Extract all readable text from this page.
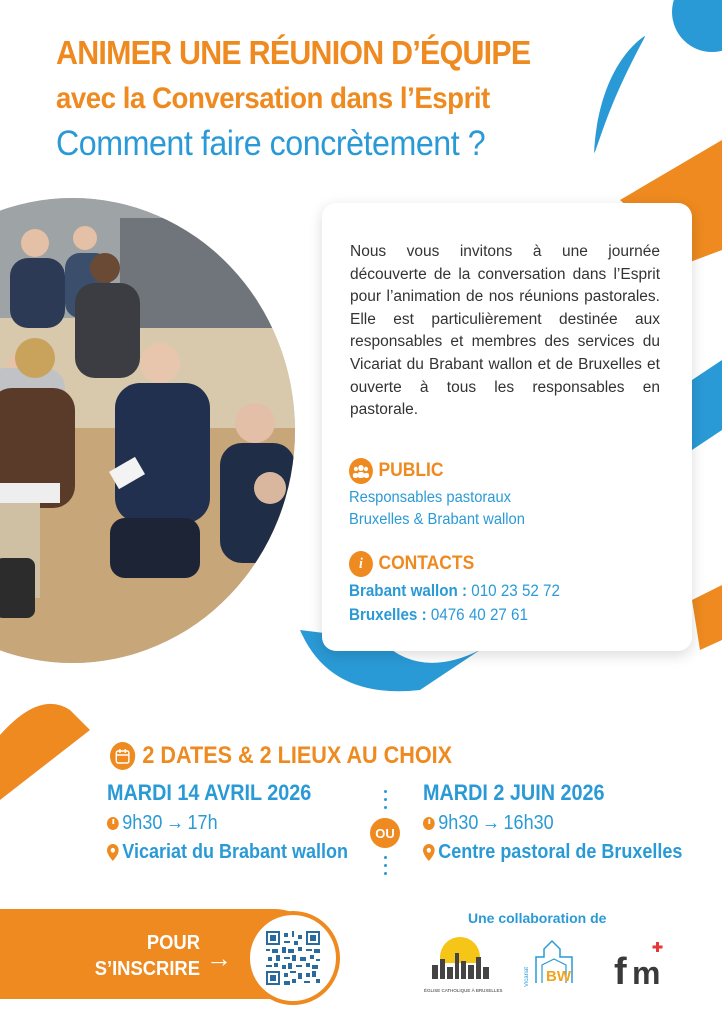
ANIMER UNE RÉUNION D’ÉQUIPE
avec la Conversation dans l’Esprit
Comment faire concrètement ?
Nous vous invitons à une journée découverte de la conversation dans l’Esprit pour l’animation de nos réunions pastorales. Elle est particulièrement destinée aux responsables et membres des services du Vicariat du Brabant wallon et de Bruxelles et ouverte à tous les responsables en pastorale.
PUBLIC
Responsables pastoraux
Bruxelles & Brabant wallon
i CONTACTS
Brabant wallon : 010 23 52 72
Bruxelles : 0476 40 27 61
2 DATES & 2 LIEUX AU CHOIX
MARDI 14 AVRIL 2026
9h30 → 17h
Vicariat du Brabant wallon
OU
MARDI 2 JUIN 2026
9h30 → 16h30
Centre pastoral de Bruxelles
POUR
S’INSCRIRE →
Une collaboration de
ÉGLISE CATHOLIQUE À BRUXELLES
BW
Vicariat f m
